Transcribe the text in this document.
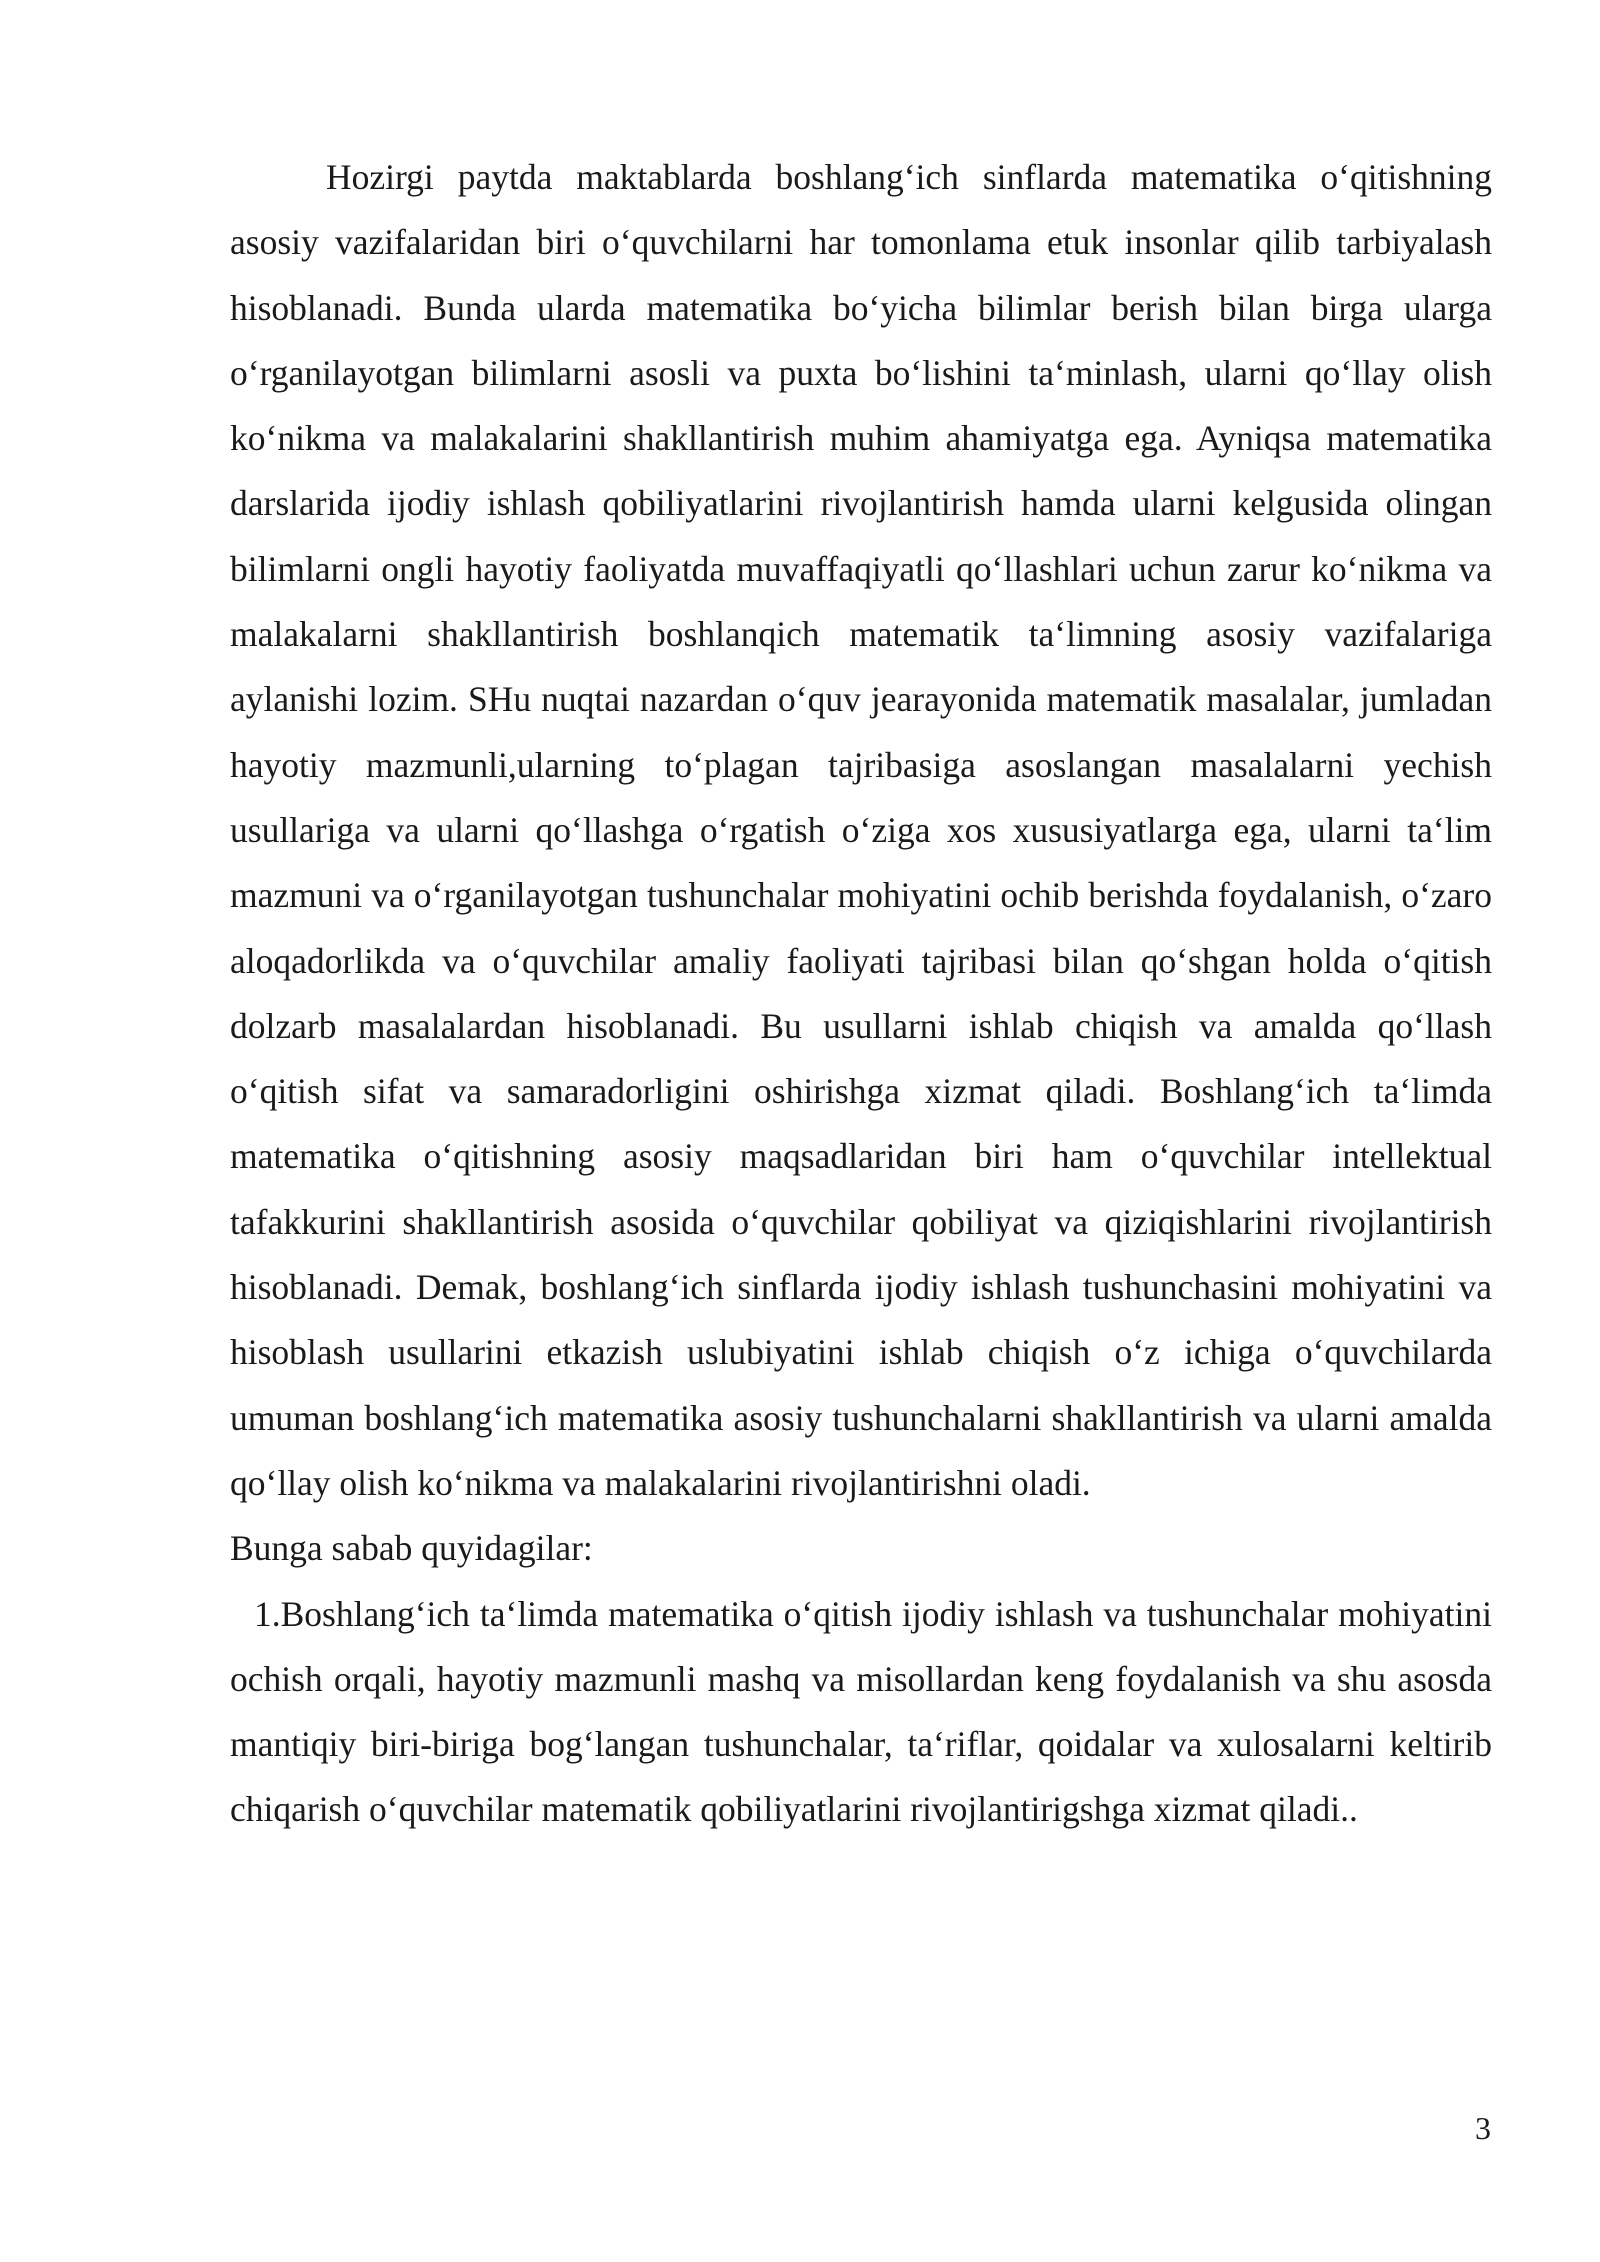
Hozirgi paytda maktablarda boshlang‘ich sinflarda matematika o‘qitishning asosiy vazifalaridan biri o‘quvchilarni har tomonlama etuk insonlar qilib tarbiyalash hisoblanadi. Bunda ularda matematika bo‘yicha bilimlar berish bilan birga ularga o‘rganilayotgan bilimlarni asosli va puxta bo‘lishini ta‘minlash, ularni qo‘llay olish ko‘nikma va malakalarini shakllantirish muhim ahamiyatga ega. Ayniqsa matematika darslarida ijodiy ishlash qobiliyatlarini rivojlantirish hamda ularni kelgusida olingan bilimlarni ongli hayotiy faoliyatda muvaffaqiyatli qo‘llashlari uchun zarur ko‘nikma va malakalarni shakllantirish boshlanqich matematik ta‘limning asosiy vazifalariga aylanishi lozim. SHu nuqtai nazardan o‘quv jearayonida matematik masalalar, jumladan hayotiy mazmunli,ularning to‘plagan tajribasiga asoslangan masalalarni yechish usullariga va ularni qo‘llashga o‘rgatish o‘ziga xos xususiyatlarga ega, ularni ta‘lim mazmuni va o‘rganilayotgan tushunchalar mohiyatini ochib berishda foydalanish, o‘zaro aloqadorlikda va o‘quvchilar amaliy faoliyati tajribasi bilan qo‘shgan holda o‘qitish dolzarb masalalardan hisoblanadi. Bu usullarni ishlab chiqish va amalda qo‘llash o‘qitish sifat va samaradorligini oshirishga xizmat qiladi. Boshlang‘ich ta‘limda matematika o‘qitishning asosiy maqsadlaridan biri ham o‘quvchilar intellektual tafakkurini shakllantirish asosida o‘quvchilar qobiliyat va qiziqishlarini rivojlantirish hisoblanadi. Demak, boshlang‘ich sinflarda ijodiy ishlash tushunchasini mohiyatini va hisoblash usullarini etkazish uslubiyatini ishlab chiqish o‘z ichiga o‘quvchilarda umuman boshlang‘ich matematika asosiy tushunchalarni shakllantirish va ularni amalda qo‘llay olish ko‘nikma va malakalarini rivojlantirishni oladi.

Bunga sabab quyidagilar:

1.Boshlang‘ich ta‘limda matematika o‘qitish ijodiy ishlash va tushunchalar mohiyatini ochish orqali, hayotiy mazmunli mashq va misollardan keng foydalanish va shu asosda mantiqiy biri-biriga bog‘langan tushunchalar, ta‘riflar, qoidalar va xulosalarni keltirib chiqarish o‘quvchilar matematik qobiliyatlarini rivojlantirigshga xizmat qiladi..

3
